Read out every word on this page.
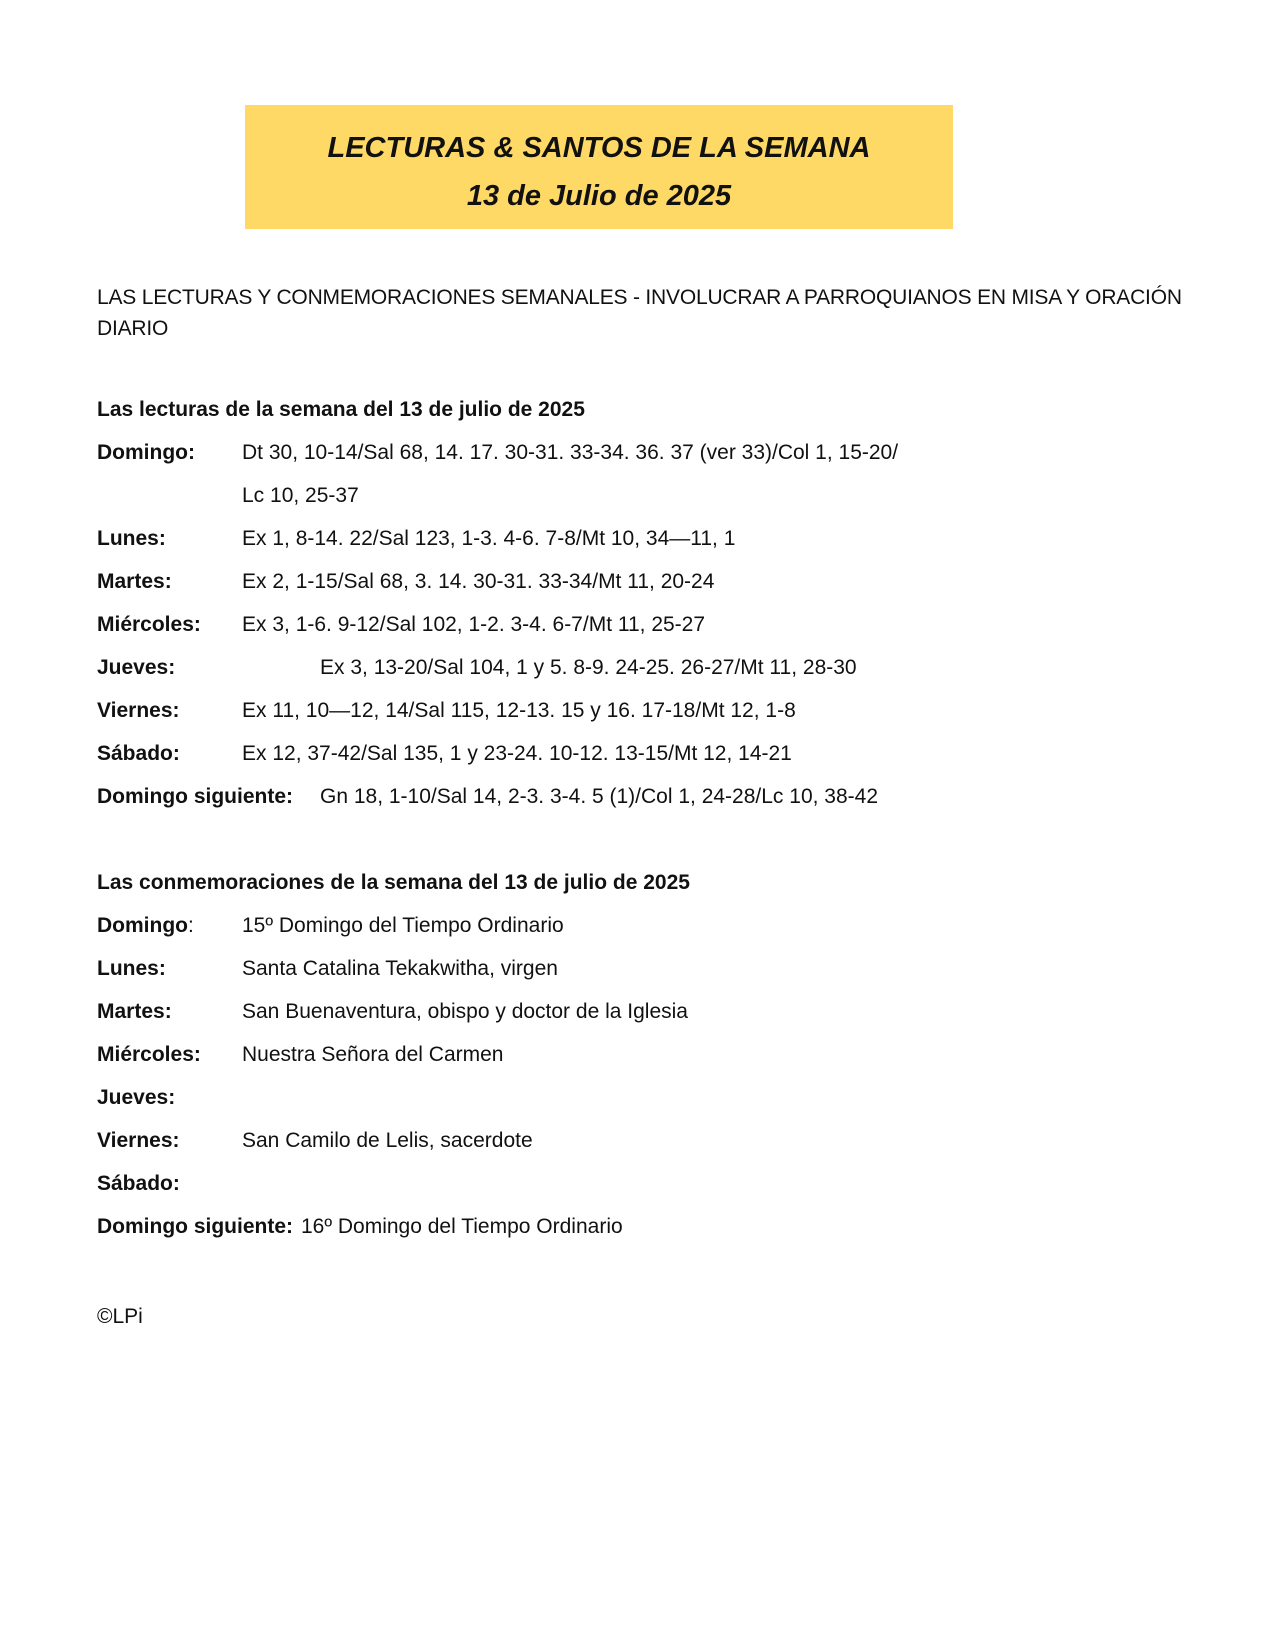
LECTURAS & SANTOS DE LA SEMANA
13 de Julio de 2025
LAS LECTURAS Y CONMEMORACIONES SEMANALES - INVOLUCRAR A PARROQUIANOS EN MISA Y ORACIÓN DIARIO
Las lecturas de la semana del 13 de julio de 2025
Domingo: Dt 30, 10-14/Sal 68, 14. 17. 30-31. 33-34. 36. 37 (ver 33)/Col 1, 15-20/
Lc 10, 25-37
Lunes:	Ex 1, 8-14. 22/Sal 123, 1-3. 4-6. 7-8/Mt 10, 34—11, 1
Martes:	Ex 2, 1-15/Sal 68, 3. 14. 30-31. 33-34/Mt 11, 20-24
Miércoles: Ex 3, 1-6. 9-12/Sal 102, 1-2. 3-4. 6-7/Mt 11, 25-27
Jueves:	Ex 3, 13-20/Sal 104, 1 y 5. 8-9. 24-25. 26-27/Mt 11, 28-30
Viernes:	Ex 11, 10—12, 14/Sal 115, 12-13. 15 y 16. 17-18/Mt 12, 1-8
Sábado:	Ex 12, 37-42/Sal 135, 1 y 23-24. 10-12. 13-15/Mt 12, 14-21
Domingo siguiente: Gn 18, 1-10/Sal 14, 2-3. 3-4. 5 (1)/Col 1, 24-28/Lc 10, 38-42
Las conmemoraciones de la semana del 13 de julio de 2025
Domingo: 15º Domingo del Tiempo Ordinario
Lunes:	Santa Catalina Tekakwitha, virgen
Martes:	San Buenaventura, obispo y doctor de la Iglesia
Miércoles: Nuestra Señora del Carmen
Jueves:
Viernes:	San Camilo de Lelis, sacerdote
Sábado:
Domingo siguiente: 16º Domingo del Tiempo Ordinario
©LPi
